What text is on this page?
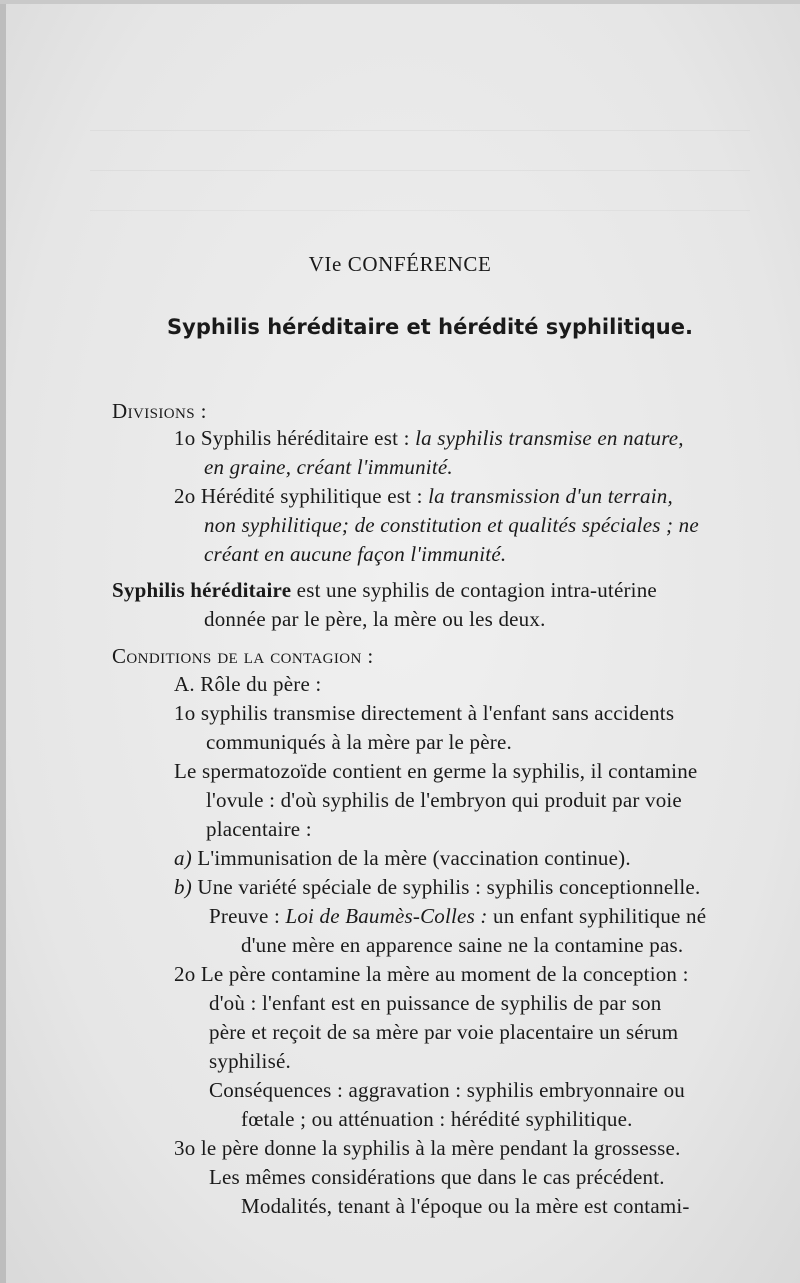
VIe CONFÉRENCE
Syphilis héréditaire et hérédité syphilitique.
Divisions :
1o Syphilis héréditaire est : la syphilis transmise en nature,
en graine, créant l'immunité.
2o Hérédité syphilitique est : la transmission d'un terrain,
non syphilitique; de constitution et qualités spéciales ; ne
créant en aucune façon l'immunité.
Syphilis héréditaire est une syphilis de contagion intra-utérine
donnée par le père, la mère ou les deux.
Conditions de la contagion :
A. Rôle du père :
1o syphilis transmise directement à l'enfant sans accidents
communiqués à la mère par le père.
Le spermatozoïde contient en germe la syphilis, il contamine
l'ovule : d'où syphilis de l'embryon qui produit par voie
placentaire :
a) L'immunisation de la mère (vaccination continue).
b) Une variété spéciale de syphilis : syphilis conceptionnelle.
Preuve : Loi de Baumès-Colles : un enfant syphilitique né
d'une mère en apparence saine ne la contamine pas.
2o Le père contamine la mère au moment de la conception :
d'où : l'enfant est en puissance de syphilis de par son
père et reçoit de sa mère par voie placentaire un sérum
syphilisé.
Conséquences : aggravation : syphilis embryonnaire ou
fœtale ; ou atténuation : hérédité syphilitique.
3o le père donne la syphilis à la mère pendant la grossesse.
Les mêmes considérations que dans le cas précédent.
Modalités, tenant à l'époque ou la mère est contami-
